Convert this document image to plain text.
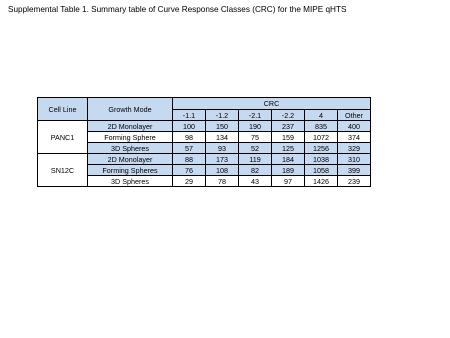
Supplemental Table 1. Summary table of Curve Response Classes (CRC) for the MIPE qHTS
Cell Line	Growth Mode	CRC					
		-1.1	-1.2	-2.1	-2.2	4	Other
PANC1	2D Monolayer	100	150	190	237	835	400
	Forming Sphere	98	134	75	159	1072	374
	3D Spheres	57	93	52	125	1256	329
SN12C	2D Monolayer	88	173	119	184	1038	310
	Forming Spheres	76	108	82	189	1058	399
	3D Spheres	29	78	43	97	1426	239
